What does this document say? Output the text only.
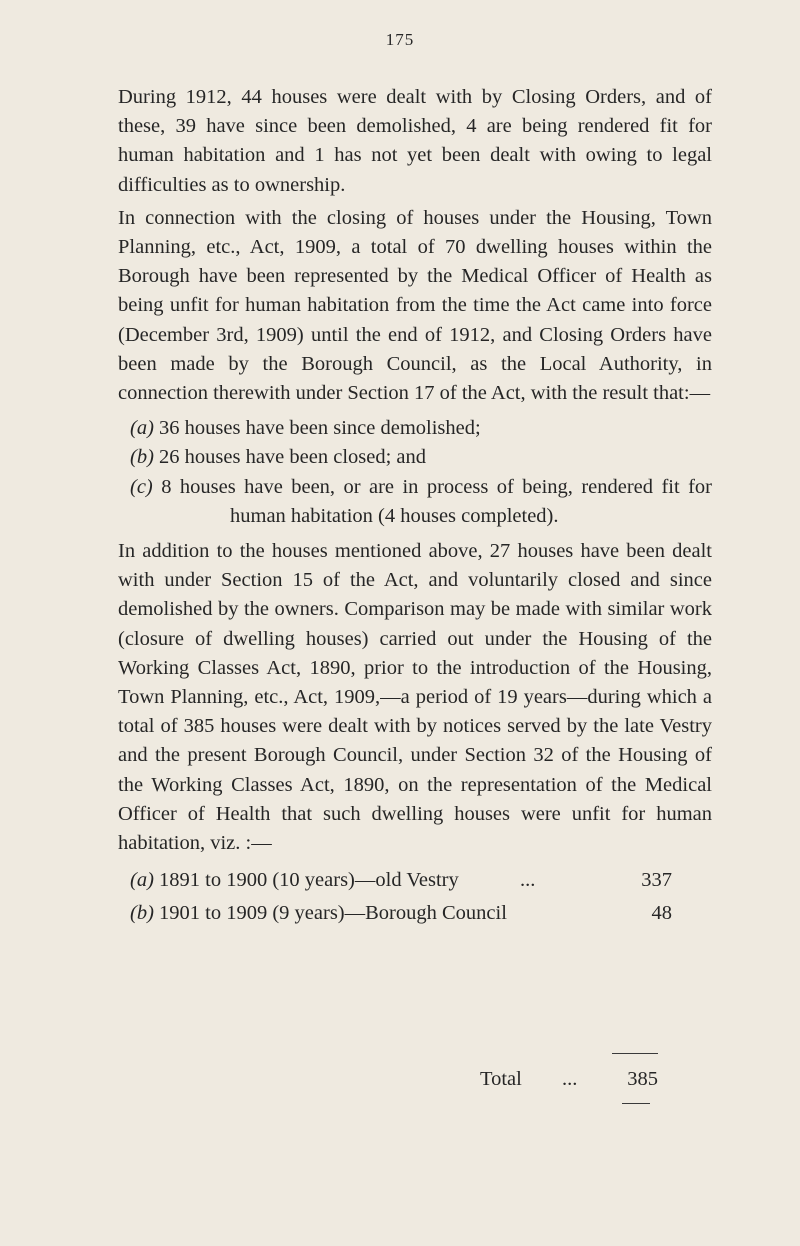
175

During 1912, 44 houses were dealt with by Closing Orders, and of these, 39 have since been demolished, 4 are being rendered fit for human habitation and 1 has not yet been dealt with owing to legal difficulties as to ownership.

In connection with the closing of houses under the Housing, Town Planning, etc., Act, 1909, a total of 70 dwelling houses within the Borough have been represented by the Medical Officer of Health as being unfit for human habitation from the time the Act came into force (December 3rd, 1909) until the end of 1912, and Closing Orders have been made by the Borough Council, as the Local Authority, in connection therewith under Section 17 of the Act, with the result that:—

(a) 36 houses have been since demolished;
(b) 26 houses have been closed; and
(c) 8 houses have been, or are in process of being, rendered fit for human habitation (4 houses completed).

In addition to the houses mentioned above, 27 houses have been dealt with under Section 15 of the Act, and voluntarily closed and since demolished by the owners. Comparison may be made with similar work (closure of dwelling houses) carried out under the Housing of the Working Classes Act, 1890, prior to the introduction of the Housing, Town Planning, etc., Act, 1909,—a period of 19 years—during which a total of 385 houses were dealt with by notices served by the late Vestry and the present Borough Council, under Section 32 of the Housing of the Working Classes Act, 1890, on the representation of the Medical Officer of Health that such dwelling houses were unfit for human habitation, viz. :—

(a) 1891 to 1900 (10 years)—old Vestry	...	337
(b) 1901 to 1909 (9 years)—Borough Council	48
Total ... 385
